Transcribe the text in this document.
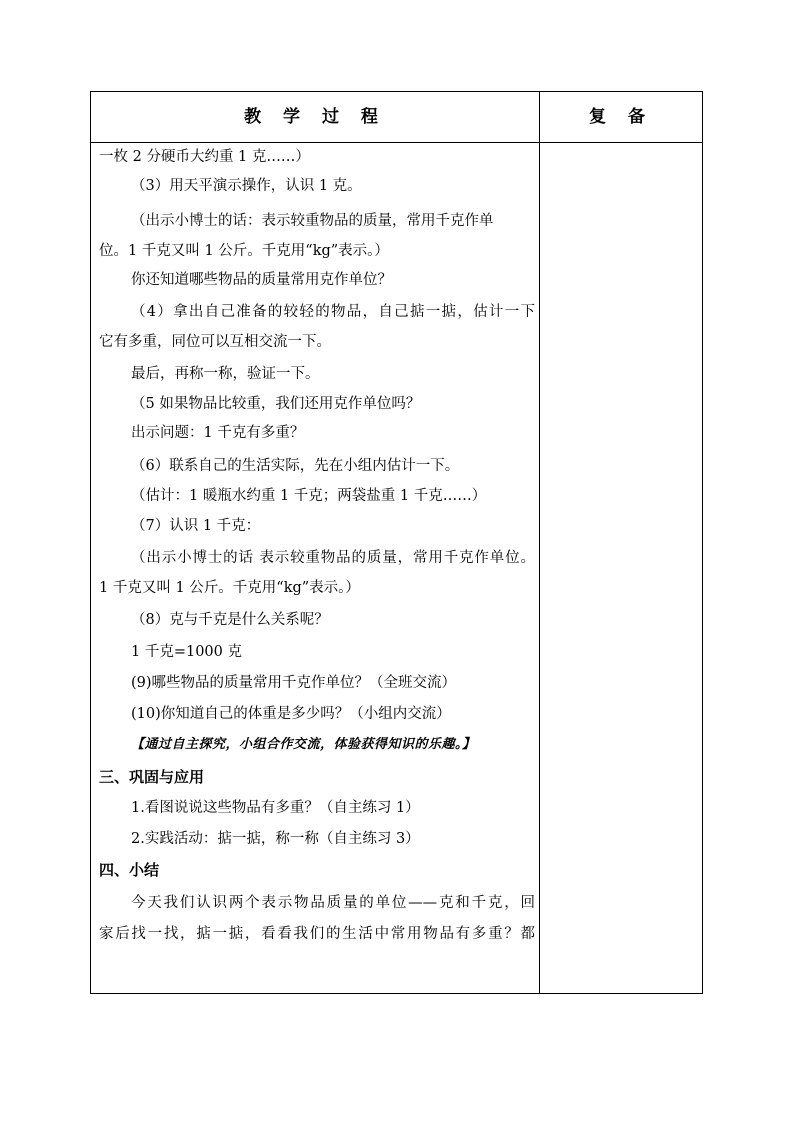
教 学 过 程	复 备
一枚 2 分硬币大约重 1 克……）
（3）用天平演示操作，认识 1 克。
（出示小博士的话：表示较重物品的质量，常用千克作单
位。1 千克又叫 1 公斤。千克用“kg”表示。）
你还知道哪些物品的质量常用克作单位？
（4）拿出自己准备的较轻的物品，自己掂一掂，估计一下
它有多重，同位可以互相交流一下。
最后，再称一称，验证一下。
（5 如果物品比较重，我们还用克作单位吗？
出示问题：1 千克有多重？
（6）联系自己的生活实际，先在小组内估计一下。
（估计：1 暖瓶水约重 1 千克；两袋盐重 1 千克……）
（7）认识 1 千克：
（出示小博士的话 表示较重物品的质量，常用千克作单位。
1 千克又叫 1 公斤。千克用“kg”表示。）
（8）克与千克是什么关系呢？
1 千克=1000 克
(9)哪些物品的质量常用千克作单位？（全班交流）
(10)你知道自己的体重是多少吗？（小组内交流）
【通过自主探究，小组合作交流，体验获得知识的乐趣。】
三、巩固与应用
1.看图说说这些物品有多重？（自主练习 1）
2.实践活动：掂一掂，称一称（自主练习 3）
四、小结
今天我们认识两个表示物品质量的单位——克和千克，回
家后找一找，掂一掂，看看我们的生活中常用物品有多重？都
